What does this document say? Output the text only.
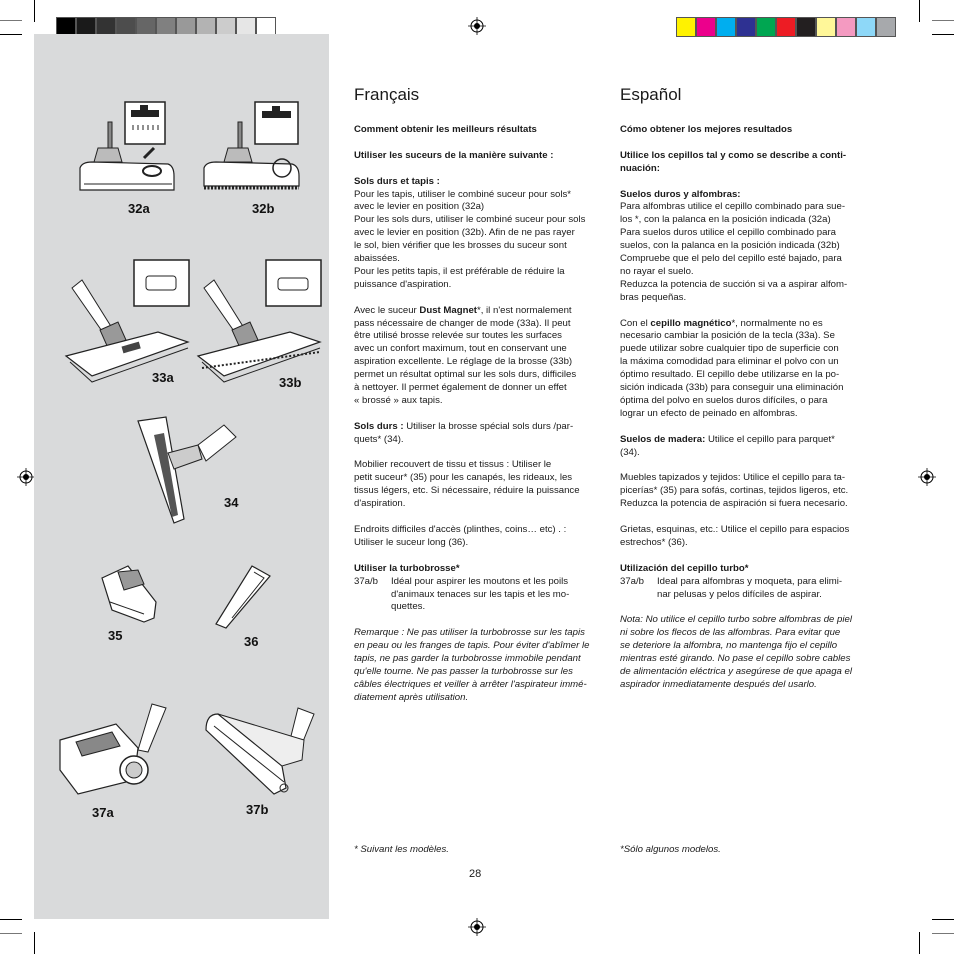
32a	32b
33a	33b
34
35	36
37a	37b
Français

Comment obtenir les meilleurs résultats

Utiliser les suceurs de la manière suivante :

Sols durs et tapis :

Pour les tapis, utiliser le combiné suceur pour sols*

avec le levier en position (32a)

Pour les sols durs, utiliser le combiné suceur pour sols

avec le levier en position (32b). Afin de ne pas rayer

le sol, bien vérifier que les brosses du suceur sont

abaissées.

Pour les petits tapis, il est préférable de réduire la

puissance d'aspiration.

Avec le suceur Dust Magnet*, il n'est normalement

pass nécessaire de changer de mode (33a). Il peut

être utilisé brosse relevée sur toutes les surfaces

avec un confort maximum, tout en conservant une

aspiration excellente. Le réglage de la brosse (33b)

permet un résultat optimal sur les sols durs, difficiles

à nettoyer. Il permet également de donner un effet

« brossé » aux tapis.

Sols durs : Utiliser la brosse spécial sols durs /par-

quets* (34).

Mobilier recouvert de tissu et tissus : Utiliser le

petit suceur* (35) pour les canapés, les rideaux, les

tissus légers, etc. Si nécessaire, réduire la puissance

d'aspiration.

Endroits difficiles d'accès (plinthes, coins… etc) . :

Utiliser le suceur long (36).

Utiliser la turbobrosse*

37a/b	Idéal pour aspirer les moutons et les poils
d'animaux tenaces sur les tapis et les mo-
quettes.

Remarque : Ne pas utiliser la turbobrosse sur les tapis

en peau ou les franges de tapis. Pour éviter d'abîmer le

tapis, ne pas garder la turbobrosse immobile pendant

qu'elle tourne. Ne pas passer la turbobrosse sur les

câbles électriques et veiller à arrêter l'aspirateur immé-

diatement après utilisation.

Español

Cómo obtener los mejores resultados

Utilice los cepillos tal y como se describe a conti-

nuación:

Suelos duros y alfombras:

Para alfombras utilice el cepillo combinado para sue-

los *, con la palanca en la posición indicada (32a)

Para suelos duros utilice el cepillo combinado para

suelos, con la palanca en la posición indicada (32b)

Compruebe que el pelo del cepillo esté bajado, para

no rayar el suelo.

Reduzca la potencia de succión si va a aspirar alfom-

bras pequeñas.

Con el cepillo magnético*, normalmente no es

necesario cambiar la posición de la tecla (33a). Se

puede utilizar sobre cualquier tipo de superficie con

la máxima comodidad para eliminar el polvo con un

óptimo resultado. El cepillo debe utilizarse en la po-

sición indicada (33b) para conseguir una eliminación

óptima del polvo en suelos duros difíciles, o para

lograr un efecto de peinado en alfombras.

Suelos de madera: Utilice el cepillo para parquet*

(34).

Muebles tapizados y tejidos: Utilice el cepillo para ta-

picerías* (35) para sofás, cortinas, tejidos ligeros, etc.

Reduzca la potencia de aspiración si fuera necesario.

Grietas, esquinas, etc.: Utilice el cepillo para espacios

estrechos* (36).

Utilización del cepillo turbo*

37a/b	Ideal para alfombras y moqueta, para elimi-
nar pelusas y pelos difíciles de aspirar.

Nota: No utilice el cepillo turbo sobre alfombras de piel

ni sobre los flecos de las alfombras. Para evitar que

se deteriore la alfombra, no mantenga fijo el cepillo

mientras esté girando. No pase el cepillo sobre cables

de alimentación eléctrica y asegúrese de que apaga el

aspirador inmediatamente después del usarlo.

* Suivant les modèles.	*Sólo algunos modelos.
28
